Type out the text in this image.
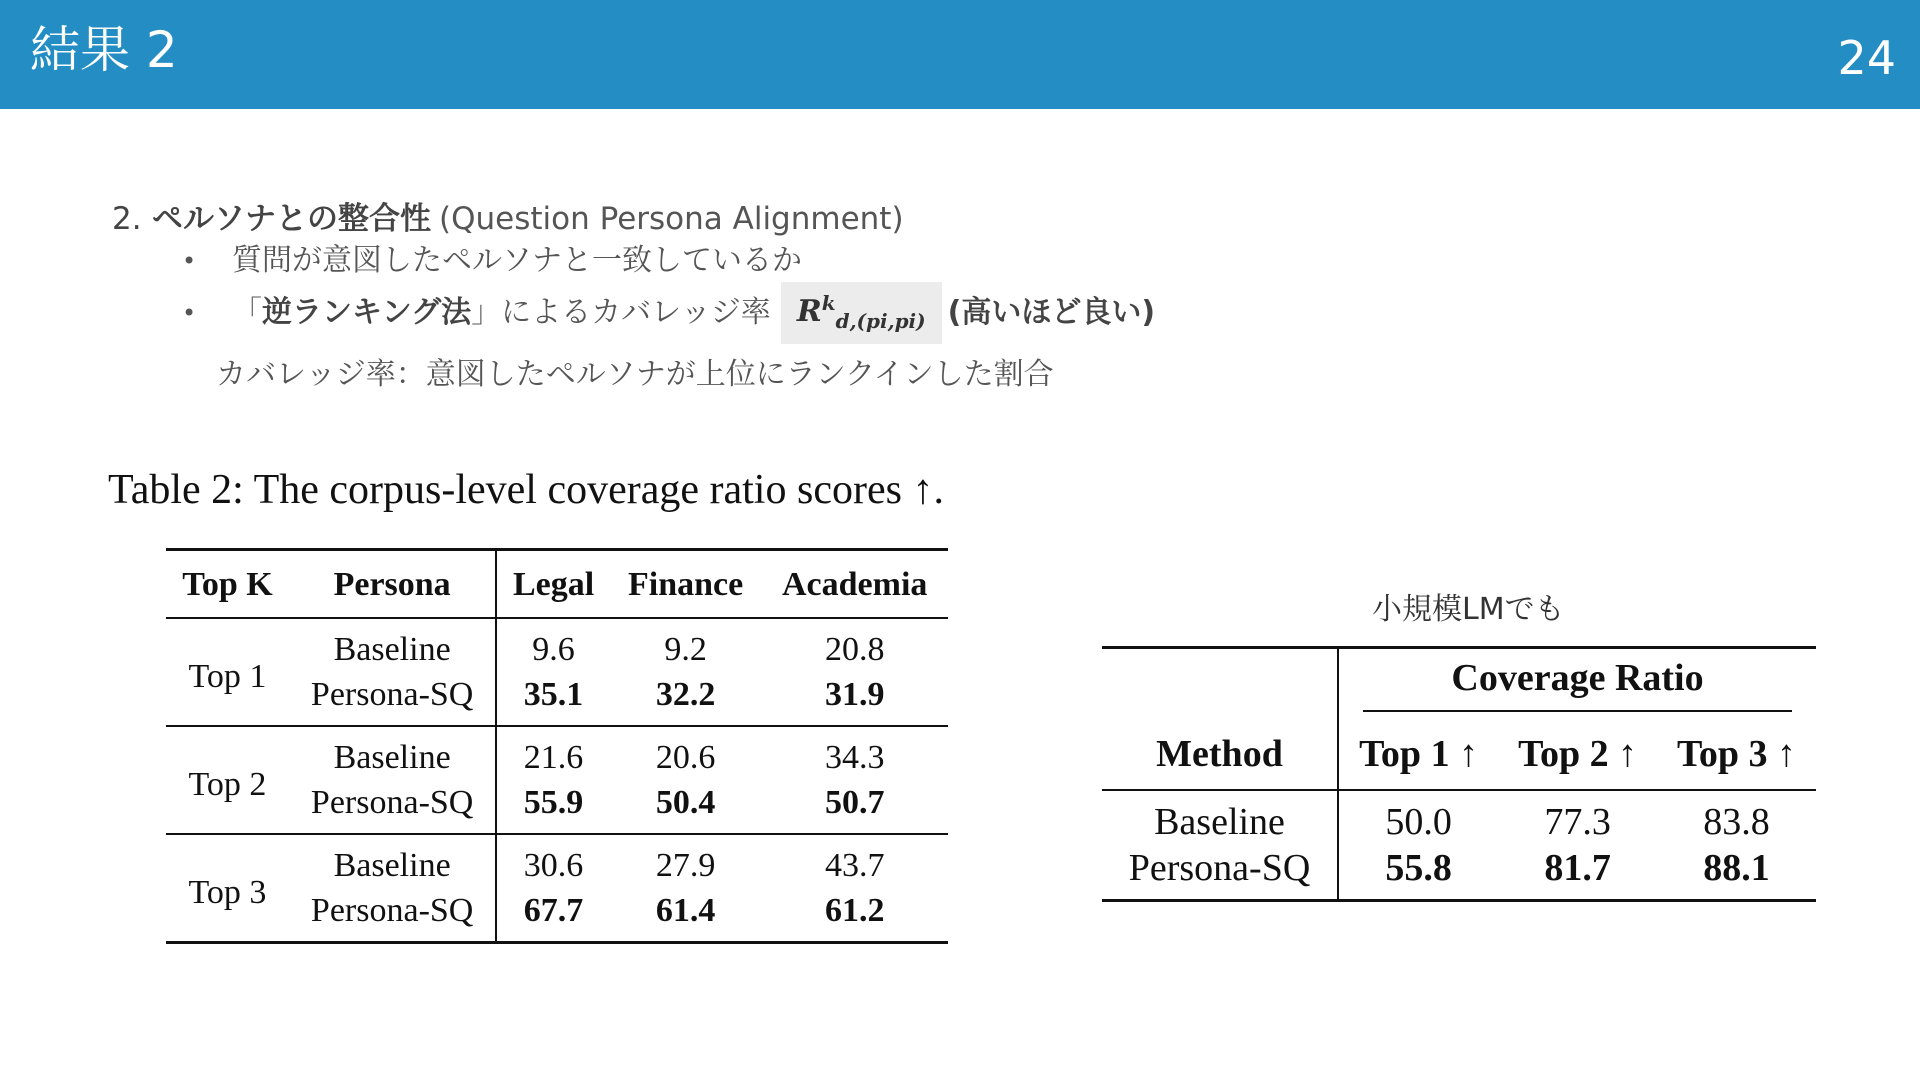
結果 2	24
2. ペルソナとの整合性 (Question Persona Alignment)
•	質問が意図したペルソナと一致しているか
•	「 逆ランキング法 」 によるカバレッジ率 $R^k_{d,(pi,pi)}$ (高いほど良い)
カバレッジ率：意図したペルソナが上位にランクインした割合
Table 2: The corpus-level coverage ratio scores ↑.
Top K	Persona	Legal	Finance	Academia
Top 1	Baseline	9.6	9.2	20.8
	Persona-SQ	35.1	32.2	31.9
Top 2	Baseline	21.6	20.6	34.3
	Persona-SQ	55.9	50.4	50.7
Top 3	Baseline	30.6	27.9	43.7
	Persona-SQ	67.7	61.4	61.2
小規模LMでも

	Coverage Ratio		

Method	Top 1 ↑	Top 2 ↑	Top 3 ↑
Baseline	50.0	77.3	83.8
Persona-SQ	55.8	81.7	88.1
